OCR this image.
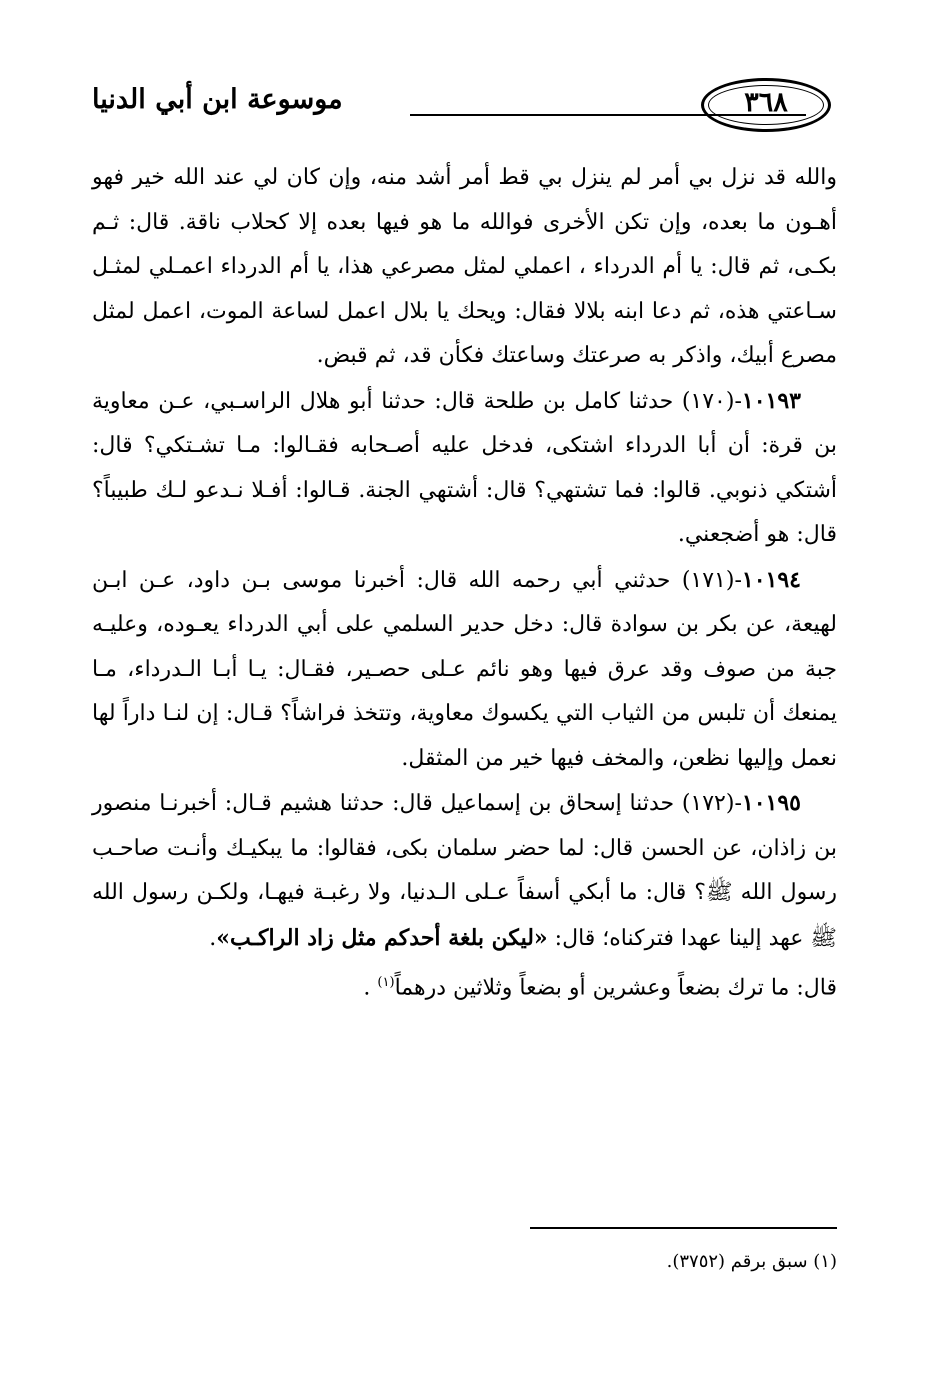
موسوعة ابن أبي الدنيا	٣٦٨

والله قد نزل بي أمر لم ينزل بي قط أمر أشد منه، وإن كان لي عند الله خير فهو أهـون ما بعده، وإن تكن الأخرى فوالله ما هو فيها بعده إلا كحلاب ناقة. قال: ثـم بكـى، ثم قال: يا أم الدرداء ، اعملي لمثل مصرعي هذا، يا أم الدرداء اعمـلي لمثـل سـاعتي هذه، ثم دعا ابنه بلالا فقال: ويحك يا بلال اعمل لساعة الموت، اعمل لمثل مصرع أبيك، واذكر به صرعتك وساعتك فكأن قد، ثم قبض.

١٠١٩٣-(١٧٠) حدثنا كامل بن طلحة قال: حدثنا أبو هلال الراسـبي، عـن معاوية بن قرة: أن أبا الدرداء اشتكى، فدخل عليه أصـحابه فقـالوا: مـا تشـتكي؟ قال: أشتكي ذنوبي. قالوا: فما تشتهي؟ قال: أشتهي الجنة. قـالوا: أفـلا نـدعو لـك طبيباً؟ قال: هو أضجعني.

١٠١٩٤-(١٧١) حدثني أبي رحمه الله قال: أخبرنا موسى بـن داود، عـن ابـن لهيعة، عن بكر بن سوادة قال: دخل حدير السلمي على أبي الدرداء يعـوده، وعليـه جبة من صوف وقد عرق فيها وهو نائم عـلى حصـير، فقـال: يـا أبـا الـدرداء، مـا يمنعك أن تلبس من الثياب التي يكسوك معاوية، وتتخذ فراشاً؟ قـال: إن لنـا داراً لها نعمل وإليها نظعن، والمخف فيها خير من المثقل.

١٠١٩٥-(١٧٢) حدثنا إسحاق بن إسماعيل قال: حدثنا هشيم قـال: أخبرنـا منصور بن زاذان، عن الحسن قال: لما حضر سلمان بكى، فقالوا: ما يبكيـك وأنـت صاحـب رسول الله ﷺ؟ قال: ما أبكي أسفاً عـلى الـدنيا، ولا رغبـة فيهـا، ولكـن رسول الله ﷺ عهد إلينا عهدا فتركناه؛ قال: «ليكن بلغة أحدكم مثل زاد الراكـب».

قال: ما ترك بضعاً وعشرين أو بضعاً وثلاثين درهماً$^{(١)}$ .

(١) سبق برقم (٣٧٥٢).
